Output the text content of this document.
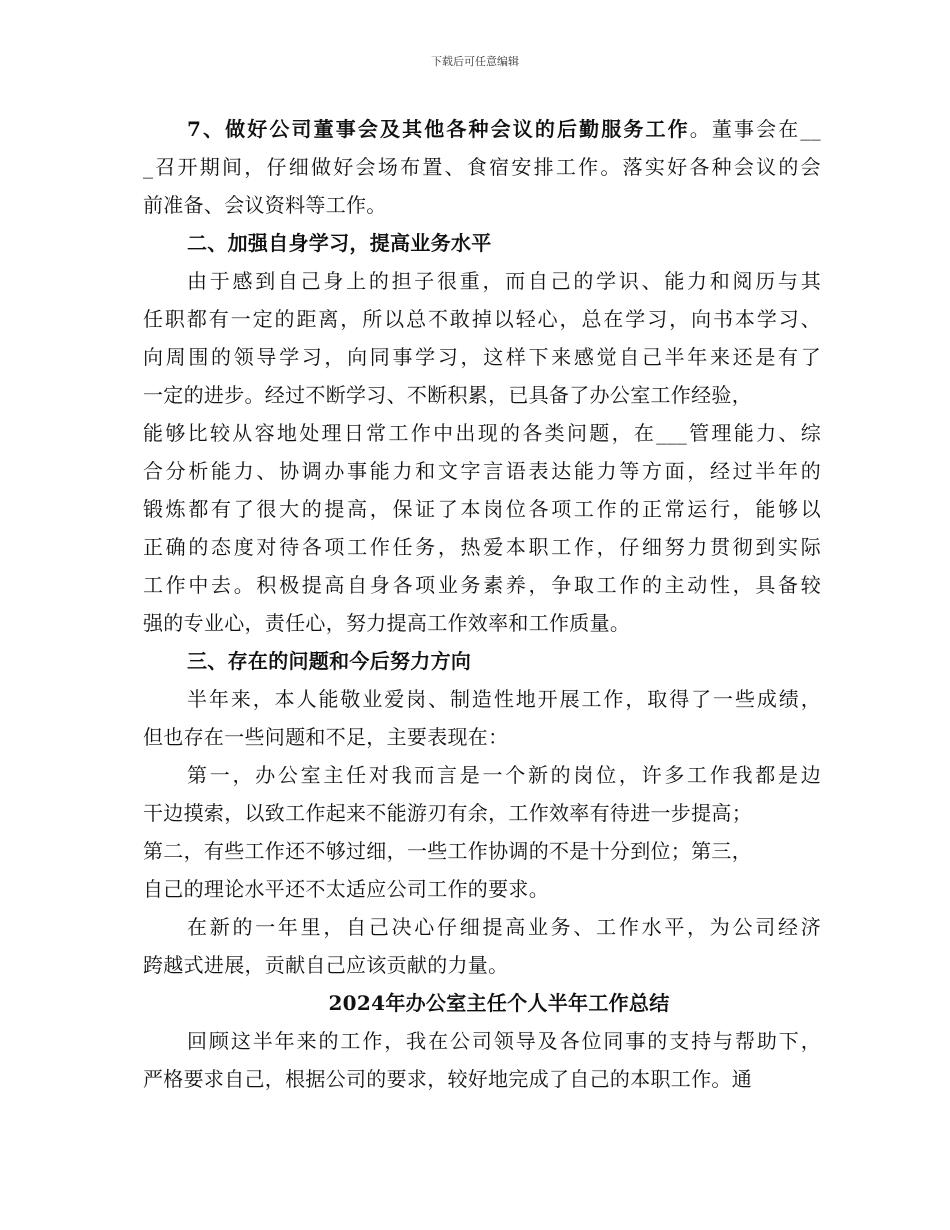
下载后可任意编辑
7、做好公司董事会及其他各种会议的后勤服务工作。董事会在__
_召开期间，仔细做好会场布置、食宿安排工作。落实好各种会议的会
前准备、会议资料等工作。
二、加强自身学习，提高业务水平
由于感到自己身上的担子很重，而自己的学识、能力和阅历与其
任职都有一定的距离，所以总不敢掉以轻心，总在学习，向书本学习、
向周围的领导学习，向同事学习，这样下来感觉自己半年来还是有了
一定的进步。经过不断学习、不断积累，已具备了办公室工作经验，
能够比较从容地处理日常工作中出现的各类问题，在___管理能力、综
合分析能力、协调办事能力和文字言语表达能力等方面，经过半年的
锻炼都有了很大的提高，保证了本岗位各项工作的正常运行，能够以
正确的态度对待各项工作任务，热爱本职工作，仔细努力贯彻到实际
工作中去。积极提高自身各项业务素养，争取工作的主动性，具备较
强的专业心，责任心，努力提高工作效率和工作质量。
三、存在的问题和今后努力方向
半年来，本人能敬业爱岗、制造性地开展工作，取得了一些成绩，
但也存在一些问题和不足，主要表现在：
第一，办公室主任对我而言是一个新的岗位，许多工作我都是边
干边摸索，以致工作起来不能游刃有余，工作效率有待进一步提高；
第二，有些工作还不够过细，一些工作协调的不是十分到位；第三，
自己的理论水平还不太适应公司工作的要求。
在新的一年里，自己决心仔细提高业务、工作水平，为公司经济
跨越式进展，贡献自己应该贡献的力量。
2024年办公室主任个人半年工作总结
回顾这半年来的工作，我在公司领导及各位同事的支持与帮助下，
严格要求自己，根据公司的要求，较好地完成了自己的本职工作。通
